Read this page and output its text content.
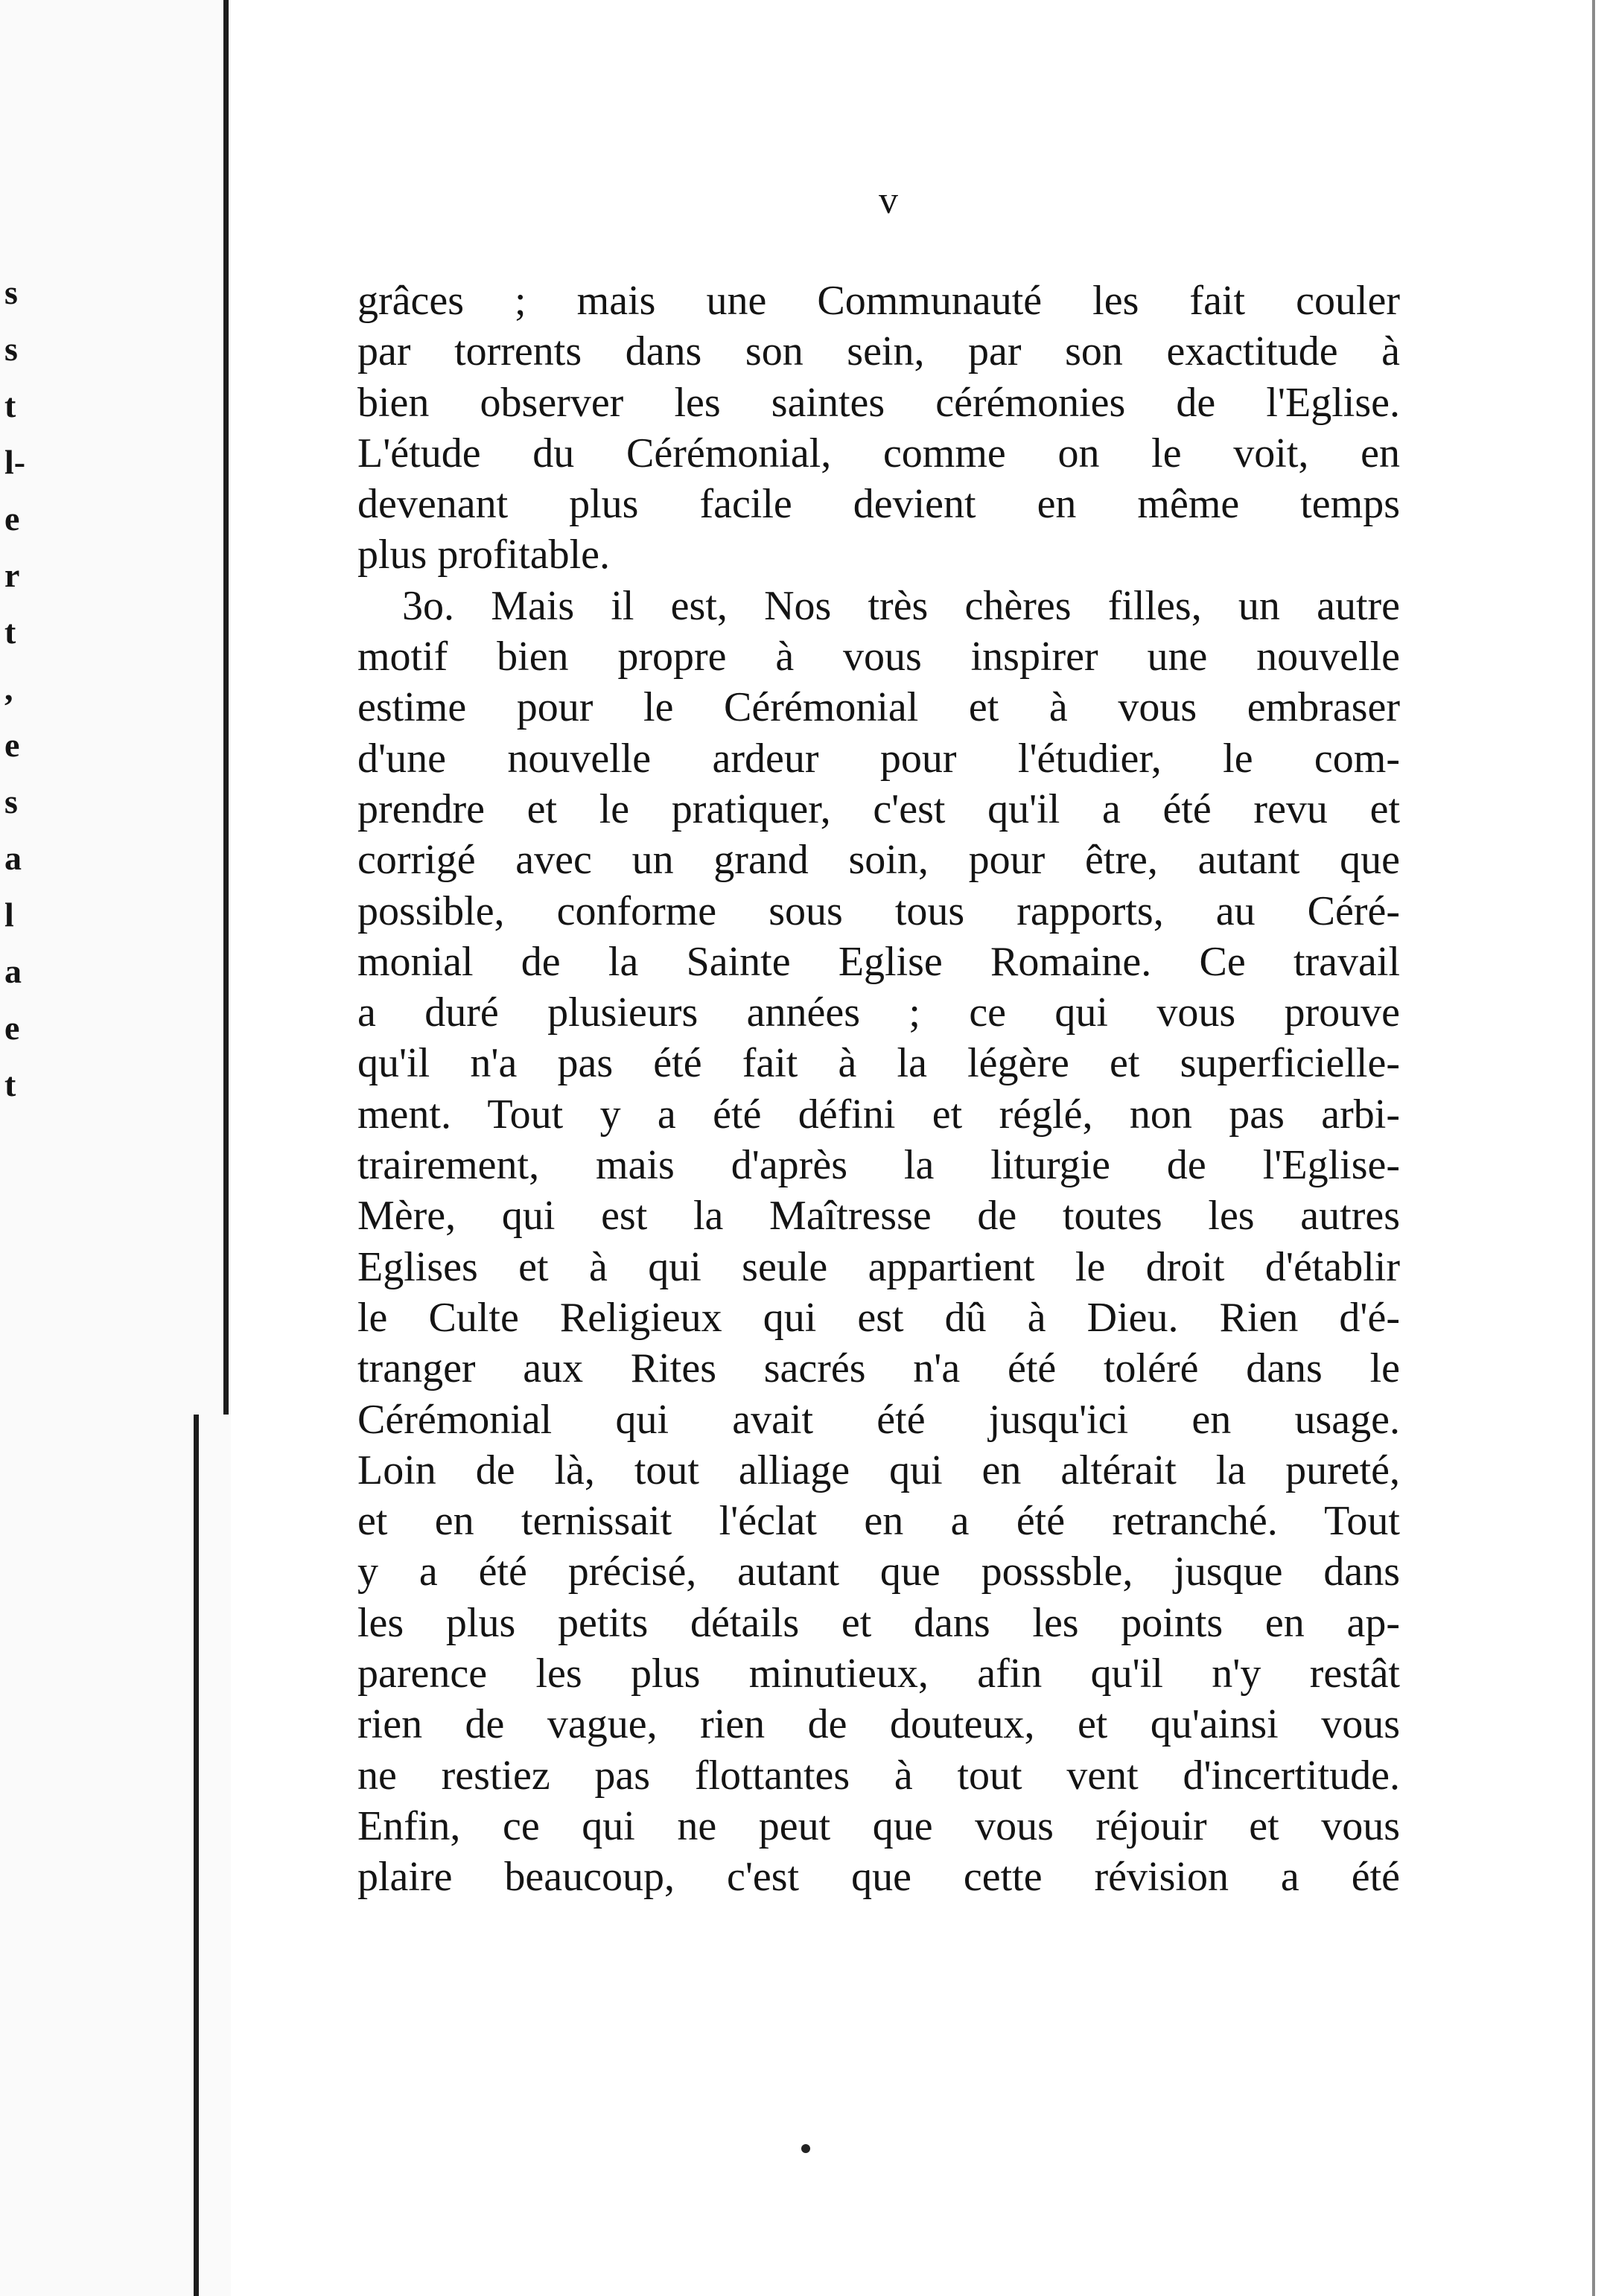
s
s
t
l-
e
r
t
,
e
s
a
l
a
e
t
v
grâces ; mais une Communauté les fait couler
par torrents dans son sein, par son exactitude à
bien observer les saintes cérémonies de l'Eglise.
L'étude du Cérémonial, comme on le voit, en
devenant plus facile devient en même temps
plus profitable.
3o. Mais il est, Nos très chères filles, un autre
motif bien propre à vous inspirer une nouvelle
estime pour le Cérémonial et à vous embraser
d'une nouvelle ardeur pour l'étudier, le com-
prendre et le pratiquer, c'est qu'il a été revu et
corrigé avec un grand soin, pour être, autant que
possible, conforme sous tous rapports, au Céré-
monial de la Sainte Eglise Romaine. Ce travail
a duré plusieurs années ; ce qui vous prouve
qu'il n'a pas été fait à la légère et superficielle-
ment. Tout y a été défini et réglé, non pas arbi-
trairement, mais d'après la liturgie de l'Eglise-
Mère, qui est la Maîtresse de toutes les autres
Eglises et à qui seule appartient le droit d'établir
le Culte Religieux qui est dû à Dieu. Rien d'é-
tranger aux Rites sacrés n'a été toléré dans le
Cérémonial qui avait été jusqu'ici en usage.
Loin de là, tout alliage qui en altérait la pureté,
et en ternissait l'éclat en a été retranché. Tout
y a été précisé, autant que posssble, jusque dans
les plus petits détails et dans les points en ap-
parence les plus minutieux, afin qu'il n'y restât
rien de vague, rien de douteux, et qu'ainsi vous
ne restiez pas flottantes à tout vent d'incertitude.
Enfin, ce qui ne peut que vous réjouir et vous
plaire beaucoup, c'est que cette révision a été
